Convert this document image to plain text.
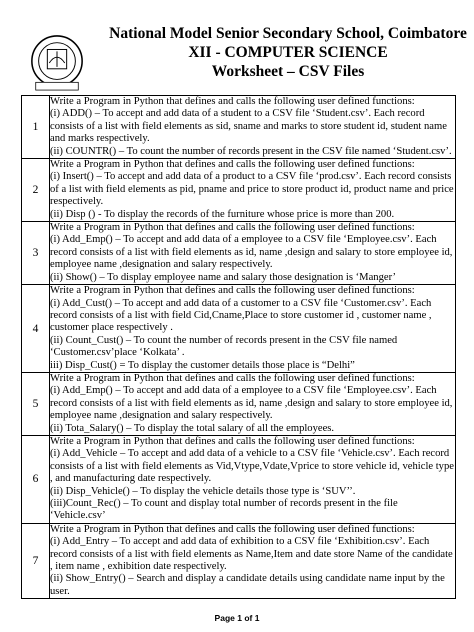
National Model Senior Secondary School, Coimbatore
XII - COMPUTER SCIENCE
Worksheet – CSV Files
1	Write a Program in Python that defines and calls the following user defined functions:
(i) ADD() – To accept and add data of a student to a CSV file ‘Student.csv’. Each record consists of a list with field elements as sid, sname and marks to store student id, student name and marks respectively.
(ii) COUNTR() – To count the number of records present in the CSV file named ‘Student.csv’.

2	Write a Program in Python that defines and calls the following user defined functions:
(i) Insert() – To accept and add data of a product to a CSV file ‘prod.csv’. Each record consists of a list with field elements as pid, pname and price to store product id, product name and price respectively.
(ii) Disp () - To display the records of the furniture whose price is more than 200.

3	Write a Program in Python that defines and calls the following user defined functions:
(i) Add_Emp() – To accept and add data of a employee to a CSV file ‘Employee.csv’. Each record consists of a list with field elements as id, name ,design and salary to store employee id, employee name ,designation and salary respectively.
(ii) Show() – To display employee name and salary those designation is ‘Manger’

4	Write a Program in Python that defines and calls the following user defined functions:
(i) Add_Cust() – To accept and add data of a customer to a CSV file ‘Customer.csv’. Each record consists of a list with field Cid,Cname,Place to store customer id , customer name , customer place respectively .
(ii) Count_Cust() – To count the number of records present in the CSV file named ‘Customer.csv’place ‘Kolkata’ .
iii) Disp_Cust() = To display the customer details those place is “Delhi”

5	Write a Program in Python that defines and calls the following user defined functions:
(i) Add_Emp() – To accept and add data of a employee to a CSV file ‘Employee.csv’. Each record consists of a list with field elements as id, name ,design and salary to store employee id, employee name ,designation and salary respectively.
(ii) Tota_Salary() – To display the total salary of all the employees.

6	Write a Program in Python that defines and calls the following user defined functions:
(i) Add_Vehicle – To accept and add data of a vehicle to a CSV file ‘Vehicle.csv’. Each record consists of a list with field elements as Vid,Vtype,Vdate,Vprice to store vehicle id, vehicle type , and manufacturing date respectively.
(ii) Disp_Vehicle() – To display the vehicle details those type is ‘SUV’’.
(iii)Count_Rec() – To count and display total number of records present in the file ‘Vehicle.csv’

7	Write a Program in Python that defines and calls the following user defined functions:
(i) Add_Entry – To accept and add data of exhibition to a CSV file ‘Exhibition.csv’. Each record consists of a list with field elements as Name,Item and date store Name of the candidate , item name , exhibition date respectively.
(ii) Show_Entry() – Search and display a candidate details using candidate name input by the user.
Page 1 of 1
